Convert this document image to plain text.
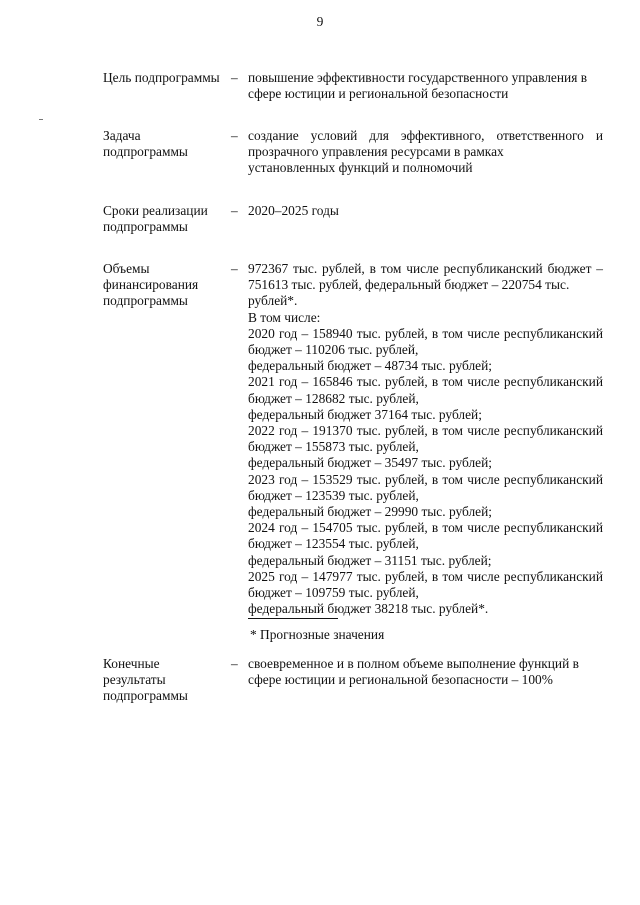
9
Цель подпрограммы – повышение эффективности государственного управления в
сфере юстиции и региональной безопасности
Задача
подпрограммы
– создание условий для эффективного, ответственного и прозрачного управления ресурсами в рамках
установленных функций и полномочий
Сроки реализации
подпрограммы
– 2020–2025 годы
Объемы
финансирования
подпрограммы
– 972367 тыс. рублей, в том числе республиканский бюджет – 751613 тыс. рублей, федеральный бюджет – 220754 тыс.
рублей*.
В том числе:
2020 год – 158940 тыс. рублей, в том числе республиканский бюджет – 110206 тыс. рублей,
федеральный бюджет – 48734 тыс. рублей;
2021 год – 165846 тыс. рублей, в том числе республиканский бюджет – 128682 тыс. рублей,
федеральный бюджет 37164 тыс. рублей;
2022 год – 191370 тыс. рублей, в том числе республиканский бюджет – 155873 тыс. рублей,
федеральный бюджет – 35497 тыс. рублей;
2023 год – 153529 тыс. рублей, в том числе республиканский бюджет – 123539 тыс. рублей,
федеральный бюджет – 29990 тыс. рублей;
2024 год – 154705 тыс. рублей, в том числе республиканский бюджет – 123554 тыс. рублей,
федеральный бюджет – 31151 тыс. рублей;
2025 год – 147977 тыс. рублей, в том числе республиканский бюджет – 109759 тыс. рублей,
федеральный бюджет 38218 тыс. рублей*.
* Прогнозные значения
Конечные
результаты
подпрограммы
– своевременное и в полном объеме выполнение функций в
сфере юстиции и региональной безопасности – 100%
